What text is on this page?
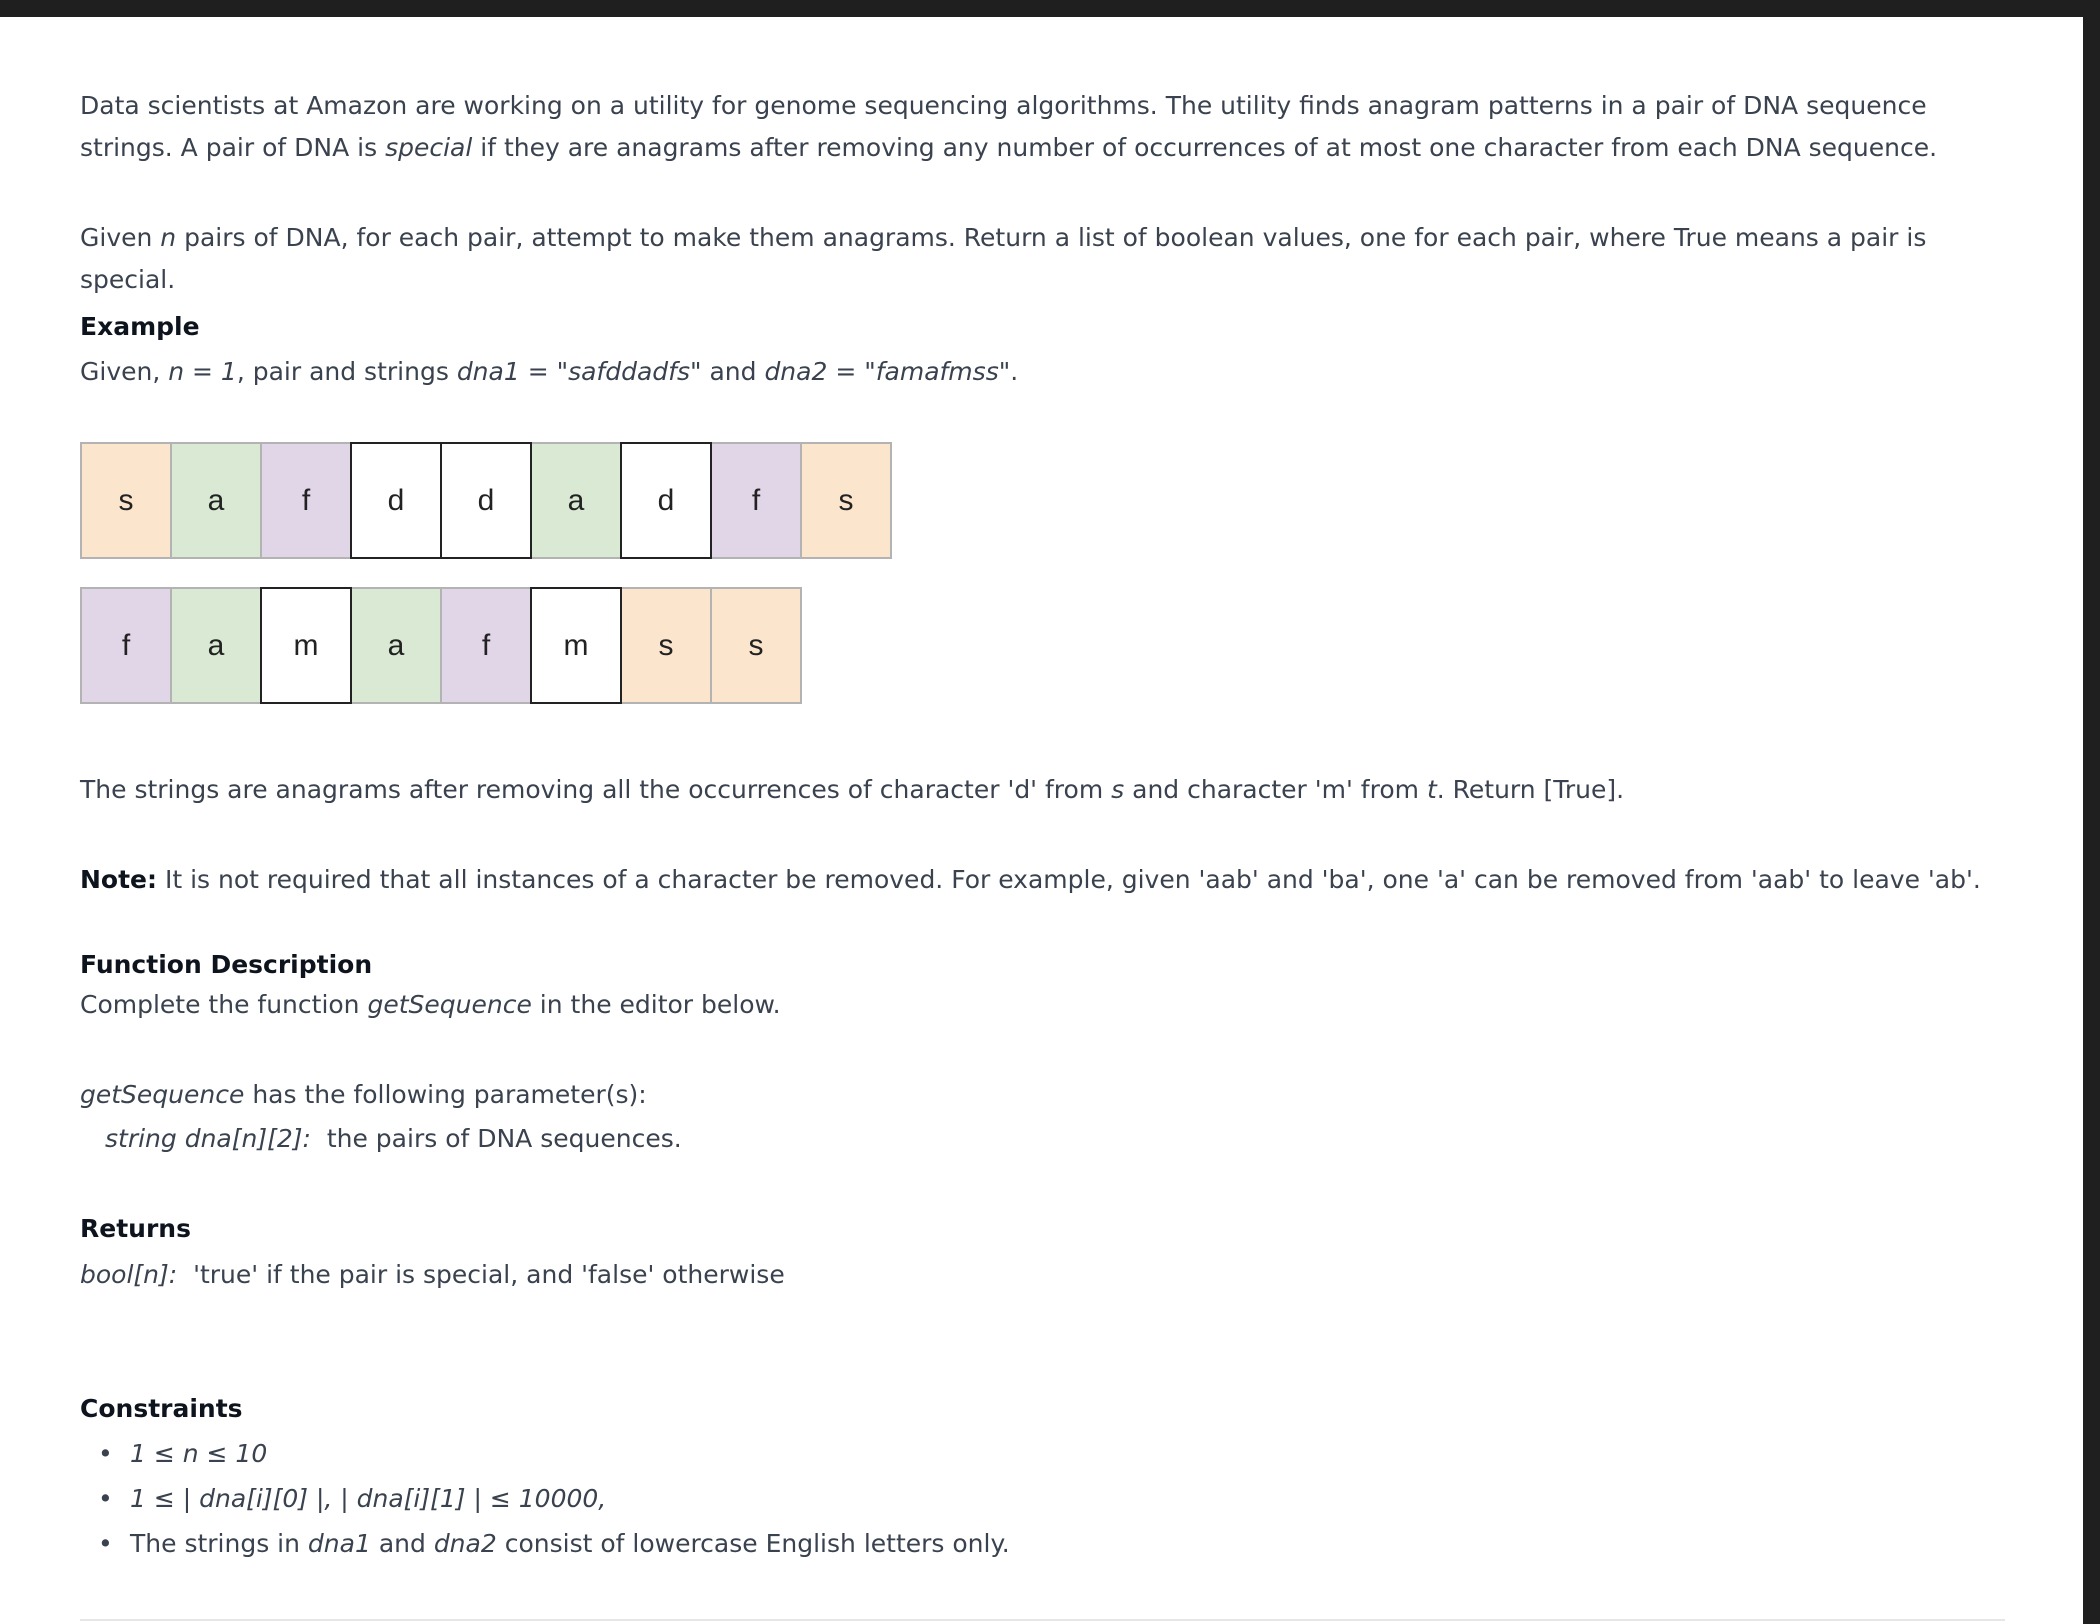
Data scientists at Amazon are working on a utility for genome sequencing algorithms. The utility finds anagram patterns in a pair of DNA sequence strings. A pair of DNA is special if they are anagrams after removing any number of occurrences of at most one character from each DNA sequence.

Given n pairs of DNA, for each pair, attempt to make them anagrams. Return a list of boolean values, one for each pair, where True means a pair is special.

Example

Given, n = 1, pair and strings dna1 = "safddadfs" and dna2 = "famafmss".

s	a	f	d	d	a	d	f	s
f	a	m	a	f	m	s	s

The strings are anagrams after removing all the occurrences of character 'd' from s and character 'm' from t. Return [True].

Note: It is not required that all instances of a character be removed. For example, given 'aab' and 'ba', one 'a' can be removed from 'aab' to leave 'ab'.

Function Description

Complete the function getSequence in the editor below.

getSequence has the following parameter(s):

string dna[n][2]:  the pairs of DNA sequences.

Returns

bool[n]:  'true' if the pair is special, and 'false' otherwise

Constraints
• 1 ≤ n ≤ 10
• 1 ≤ | dna[i][0] |, | dna[i][1] | ≤ 10000,
• The strings in dna1 and dna2 consist of lowercase English letters only.
